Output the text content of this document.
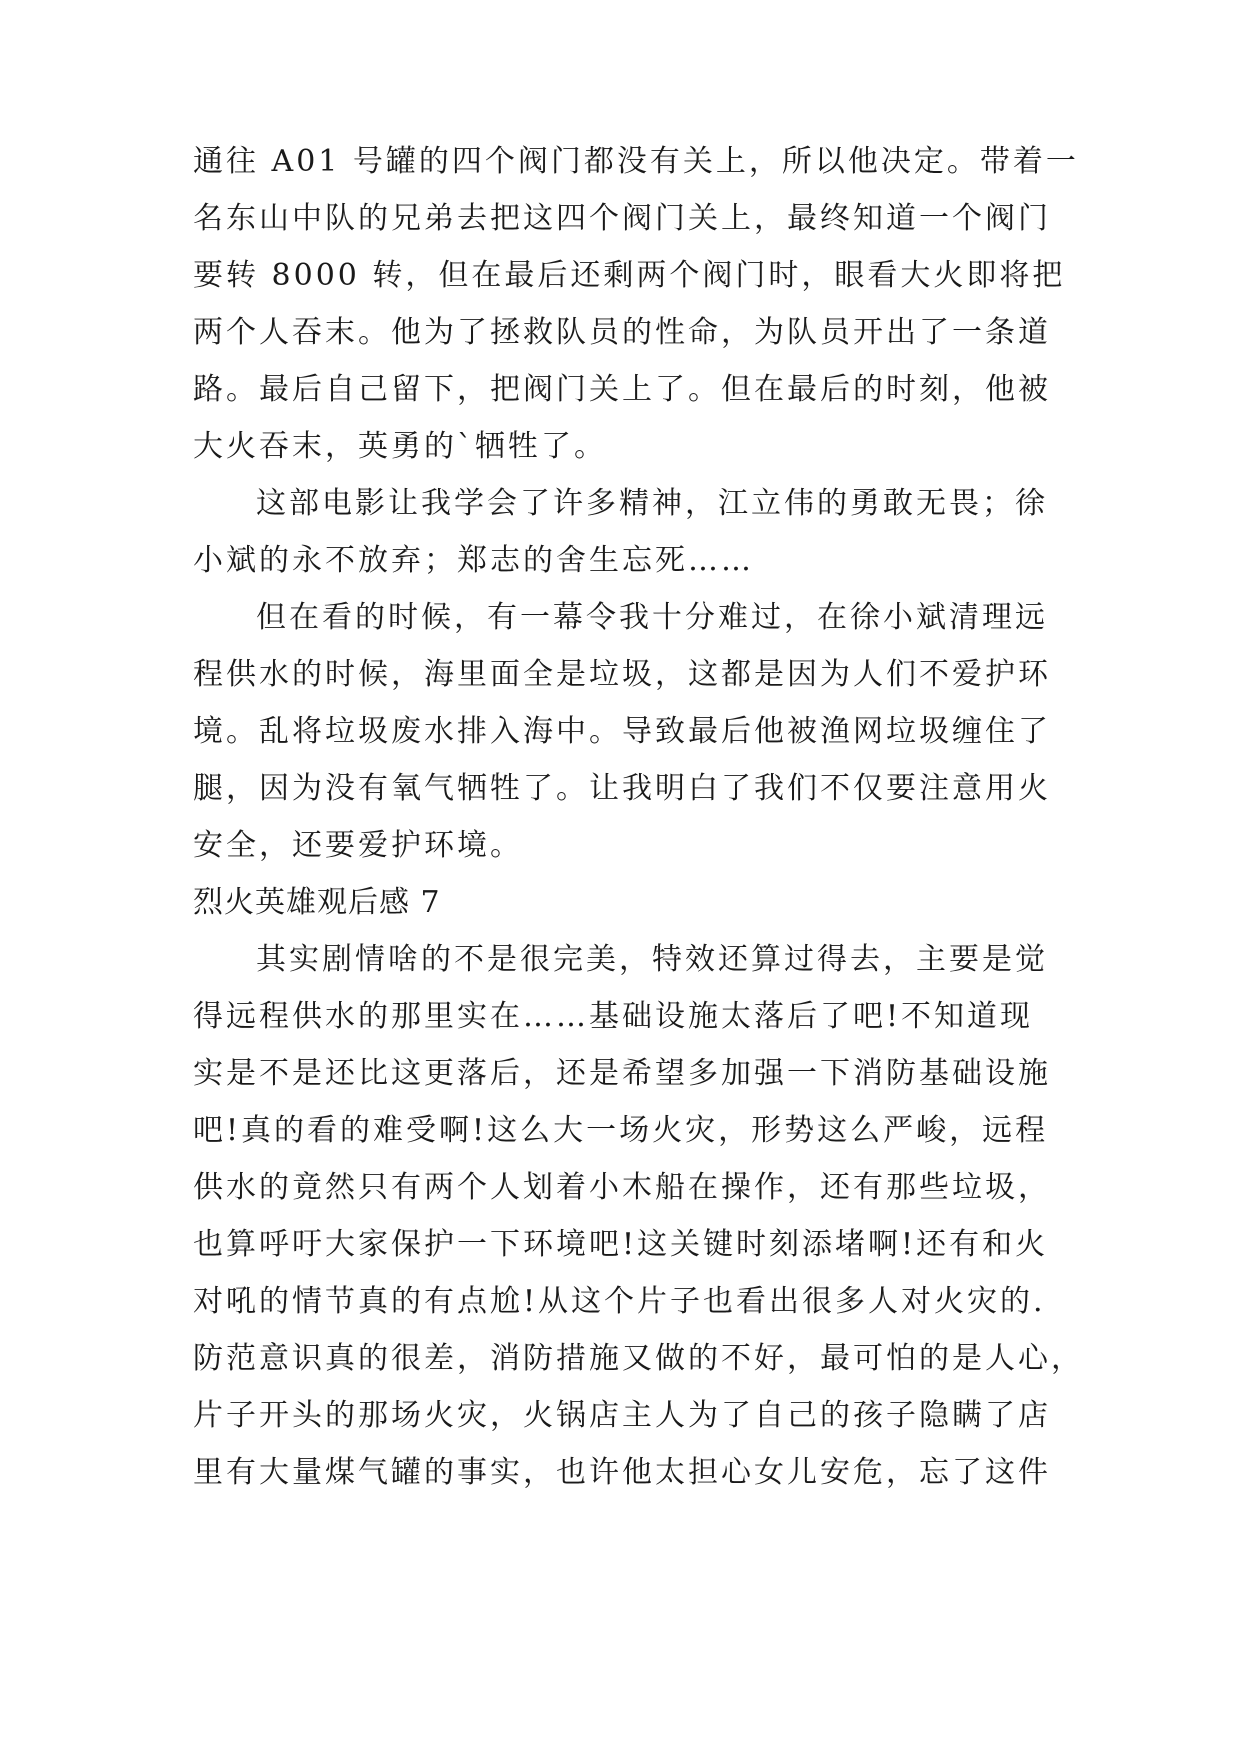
通往 A01 号罐的四个阀门都没有关上，所以他决定。带着一
名东山中队的兄弟去把这四个阀门关上，最终知道一个阀门
要转 8000 转，但在最后还剩两个阀门时，眼看大火即将把
两个人吞末。他为了拯救队员的性命，为队员开出了一条道
路。最后自己留下，把阀门关上了。但在最后的时刻，他被
大火吞末，英勇的`牺牲了。
这部电影让我学会了许多精神，江立伟的勇敢无畏；徐
小斌的永不放弃；郑志的舍生忘死……
但在看的时候，有一幕令我十分难过，在徐小斌清理远
程供水的时候，海里面全是垃圾，这都是因为人们不爱护环
境。乱将垃圾废水排入海中。导致最后他被渔网垃圾缠住了
腿，因为没有氧气牺牲了。让我明白了我们不仅要注意用火
安全，还要爱护环境。
烈火英雄观后感 7
其实剧情啥的不是很完美，特效还算过得去，主要是觉
得远程供水的那里实在……基础设施太落后了吧!不知道现
实是不是还比这更落后，还是希望多加强一下消防基础设施
吧!真的看的难受啊!这么大一场火灾，形势这么严峻，远程
供水的竟然只有两个人划着小木船在操作，还有那些垃圾，
也算呼吁大家保护一下环境吧!这关键时刻添堵啊!还有和火
对吼的情节真的有点尬!从这个片子也看出很多人对火灾的.
防范意识真的很差，消防措施又做的不好，最可怕的是人心，
片子开头的那场火灾，火锅店主人为了自己的孩子隐瞒了店
里有大量煤气罐的事实，也许他太担心女儿安危，忘了这件
